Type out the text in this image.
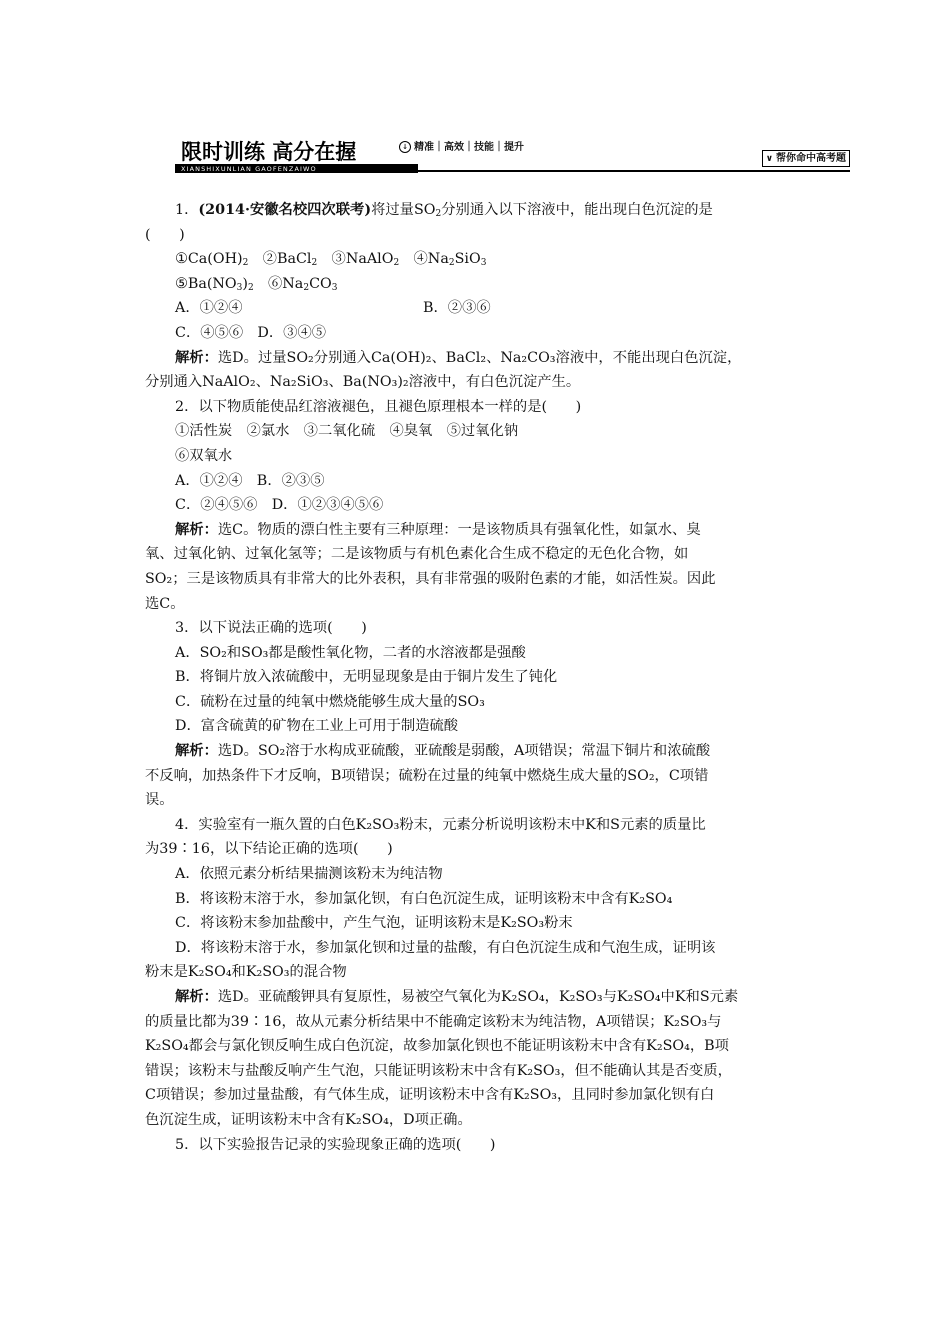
限时训练 高分在握
XIANSHIXUNLIAN GAOFENZAIWO
↓ 精准｜高效｜技能｜提升
∨ 帮你命中高考题

1．(2014·安徽名校四次联考)将过量$SO_2$分别通入以下溶液中，能出现白色沉淀的是

(　　)

$①Ca(OH)_2$　②BaCl$_2$　③NaAlO$_2$　$④Na_2SiO_3$

$⑤Ba(NO_3)_2$　$⑥Na_2CO_3$

A．①②④	B．②③⑥

C．④⑤⑥　D．③④⑤

解析：选D。过量SO₂分别通入Ca(OH)₂、BaCl₂、Na₂CO₃溶液中，不能出现白色沉淀，

分别通入NaAlO₂、Na₂SiO₃、Ba(NO₃)₂溶液中，有白色沉淀产生。

2．以下物质能使品红溶液褪色，且褪色原理根本一样的是(　　)

①活性炭　②氯水　③二氧化硫　④臭氧　⑤过氧化钠

⑥双氧水

A．①②④　B．②③⑤

C．②④⑤⑥　D．①②③④⑤⑥

解析：选C。物质的漂白性主要有三种原理：一是该物质具有强氧化性，如氯水、臭

氧、过氧化钠、过氧化氢等；二是该物质与有机色素化合生成不稳定的无色化合物，如

SO₂；三是该物质具有非常大的比外表积，具有非常强的吸附色素的才能，如活性炭。因此

选C。

3．以下说法正确的选项(　　)

A．SO₂和SO₃都是酸性氧化物，二者的水溶液都是强酸

B．将铜片放入浓硫酸中，无明显现象是由于铜片发生了钝化

C．硫粉在过量的纯氧中燃烧能够生成大量的SO₃

D．富含硫黄的矿物在工业上可用于制造硫酸

解析：选D。SO₂溶于水构成亚硫酸，亚硫酸是弱酸，A项错误；常温下铜片和浓硫酸

不反响，加热条件下才反响，B项错误；硫粉在过量的纯氧中燃烧生成大量的SO₂，C项错

误。

4．实验室有一瓶久置的白色K₂SO₃粉末，元素分析说明该粉末中K和S元素的质量比

为39∶16，以下结论正确的选项(　　)

A．依照元素分析结果揣测该粉末为纯洁物

B．将该粉末溶于水，参加氯化钡，有白色沉淀生成，证明该粉末中含有K₂SO₄

C．将该粉末参加盐酸中，产生气泡，证明该粉末是K₂SO₃粉末

D．将该粉末溶于水，参加氯化钡和过量的盐酸，有白色沉淀生成和气泡生成，证明该

粉末是K₂SO₄和K₂SO₃的混合物

解析：选D。亚硫酸钾具有复原性，易被空气氧化为K₂SO₄，K₂SO₃与K₂SO₄中K和S元素

的质量比都为39∶16，故从元素分析结果中不能确定该粉末为纯洁物，A项错误；K₂SO₃与

K₂SO₄都会与氯化钡反响生成白色沉淀，故参加氯化钡也不能证明该粉末中含有K₂SO₄，B项

错误；该粉末与盐酸反响产生气泡，只能证明该粉末中含有K₂SO₃，但不能确认其是否变质，

C项错误；参加过量盐酸，有气体生成，证明该粉末中含有K₂SO₃，且同时参加氯化钡有白

色沉淀生成，证明该粉末中含有K₂SO₄，D项正确。

5．以下实验报告记录的实验现象正确的选项(　　)
